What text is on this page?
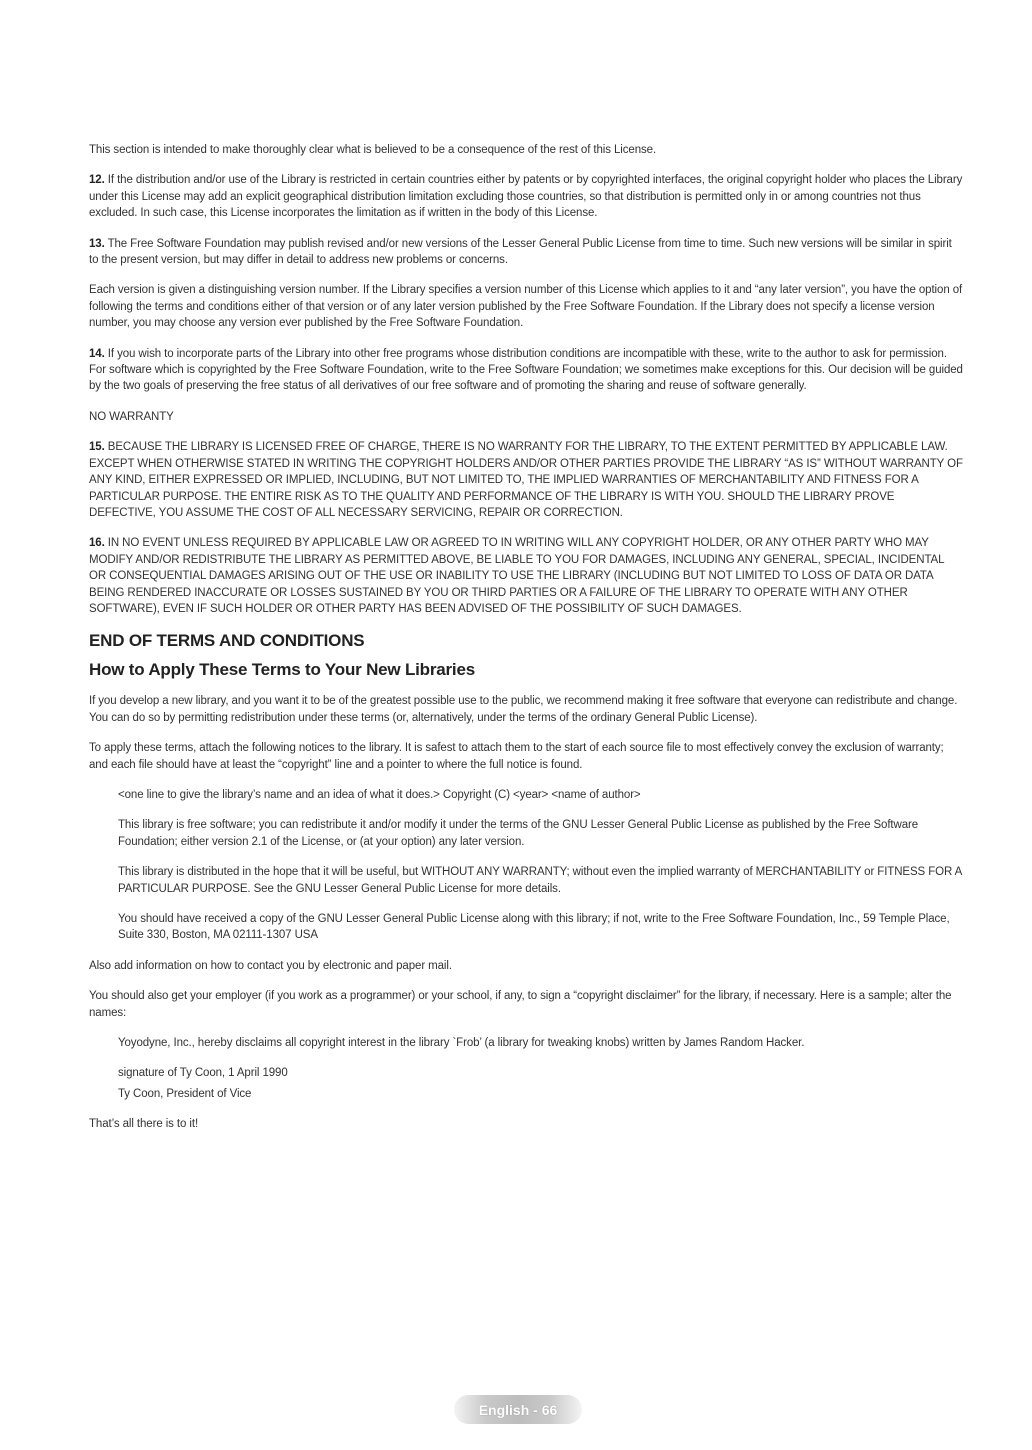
This section is intended to make thoroughly clear what is believed to be a consequence of the rest of this License.

12. If the distribution and/or use of the Library is restricted in certain countries either by patents or by copyrighted interfaces, the original copyright holder who places the Library under this License may add an explicit geographical distribution limitation excluding those countries, so that distribution is permitted only in or among countries not thus excluded. In such case, this License incorporates the limitation as if written in the body of this License.

13. The Free Software Foundation may publish revised and/or new versions of the Lesser General Public License from time to time. Such new versions will be similar in spirit to the present version, but may differ in detail to address new problems or concerns.

Each version is given a distinguishing version number. If the Library specifies a version number of this License which applies to it and “any later version”, you have the option of following the terms and conditions either of that version or of any later version published by the Free Software Foundation. If the Library does not specify a license version number, you may choose any version ever published by the Free Software Foundation.

14. If you wish to incorporate parts of the Library into other free programs whose distribution conditions are incompatible with these, write to the author to ask for permission. For software which is copyrighted by the Free Software Foundation, write to the Free Software Foundation; we sometimes make exceptions for this. Our decision will be guided by the two goals of preserving the free status of all derivatives of our free software and of promoting the sharing and reuse of software generally.

NO WARRANTY

15. BECAUSE THE LIBRARY IS LICENSED FREE OF CHARGE, THERE IS NO WARRANTY FOR THE LIBRARY, TO THE EXTENT PERMITTED BY APPLICABLE LAW. EXCEPT WHEN OTHERWISE STATED IN WRITING THE COPYRIGHT HOLDERS AND/OR OTHER PARTIES PROVIDE THE LIBRARY “AS IS” WITHOUT WARRANTY OF ANY KIND, EITHER EXPRESSED OR IMPLIED, INCLUDING, BUT NOT LIMITED TO, THE IMPLIED WARRANTIES OF MERCHANTABILITY AND FITNESS FOR A PARTICULAR PURPOSE. THE ENTIRE RISK AS TO THE QUALITY AND PERFORMANCE OF THE LIBRARY IS WITH YOU. SHOULD THE LIBRARY PROVE DEFECTIVE, YOU ASSUME THE COST OF ALL NECESSARY SERVICING, REPAIR OR CORRECTION.

16. IN NO EVENT UNLESS REQUIRED BY APPLICABLE LAW OR AGREED TO IN WRITING WILL ANY COPYRIGHT HOLDER, OR ANY OTHER PARTY WHO MAY MODIFY AND/OR REDISTRIBUTE THE LIBRARY AS PERMITTED ABOVE, BE LIABLE TO YOU FOR DAMAGES, INCLUDING ANY GENERAL, SPECIAL, INCIDENTAL OR CONSEQUENTIAL DAMAGES ARISING OUT OF THE USE OR INABILITY TO USE THE LIBRARY (INCLUDING BUT NOT LIMITED TO LOSS OF DATA OR DATA BEING RENDERED INACCURATE OR LOSSES SUSTAINED BY YOU OR THIRD PARTIES OR A FAILURE OF THE LIBRARY TO OPERATE WITH ANY OTHER SOFTWARE), EVEN IF SUCH HOLDER OR OTHER PARTY HAS BEEN ADVISED OF THE POSSIBILITY OF SUCH DAMAGES.

END OF TERMS AND CONDITIONS
How to Apply These Terms to Your New Libraries

If you develop a new library, and you want it to be of the greatest possible use to the public, we recommend making it free software that everyone can redistribute and change. You can do so by permitting redistribution under these terms (or, alternatively, under the terms of the ordinary General Public License).

To apply these terms, attach the following notices to the library. It is safest to attach them to the start of each source file to most effectively convey the exclusion of warranty; and each file should have at least the “copyright” line and a pointer to where the full notice is found.

<one line to give the library’s name and an idea of what it does.> Copyright (C) <year> <name of author>

This library is free software; you can redistribute it and/or modify it under the terms of the GNU Lesser General Public License as published by the Free Software Foundation; either version 2.1 of the License, or (at your option) any later version.

This library is distributed in the hope that it will be useful, but WITHOUT ANY WARRANTY; without even the implied warranty of MERCHANTABILITY or FITNESS FOR A PARTICULAR PURPOSE. See the GNU Lesser General Public License for more details.

You should have received a copy of the GNU Lesser General Public License along with this library; if not, write to the Free Software Foundation, Inc., 59 Temple Place, Suite 330, Boston, MA 02111-1307 USA

Also add information on how to contact you by electronic and paper mail.

You should also get your employer (if you work as a programmer) or your school, if any, to sign a “copyright disclaimer” for the library, if necessary. Here is a sample; alter the names:

Yoyodyne, Inc., hereby disclaims all copyright interest in the library `Frob’ (a library for tweaking knobs) written by James Random Hacker.

signature of Ty Coon, 1 April 1990

Ty Coon, President of Vice

That’s all there is to it!

English - 66
